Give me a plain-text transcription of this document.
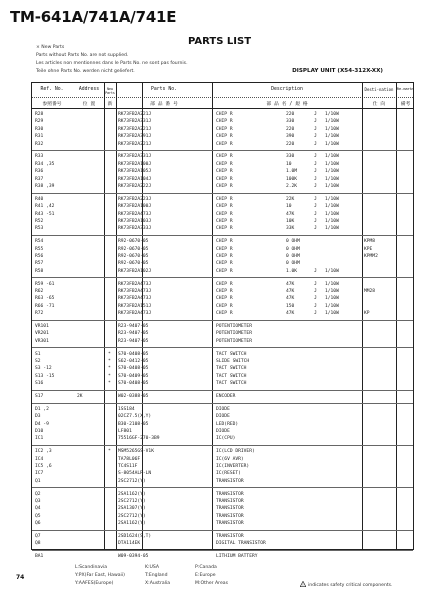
TM-641A/741A/741E
PARTS LIST
× New Parts
Parts without Parts No. are not supplied.
Les articles non mentionnes dans le Parts No. ne sont pas fournis.
Teile ohne Parts No. werden nicht geliefert.	DISPLAY UNIT (X54-312X-XX)
Ref. No.	Address	New Parts
Parts No.	Description	Desti-nation Re-marks
参照番号	位 置	新	部 品 番 号	部 品 名 / 規 格	仕 向	備考
R28	RK73FB2A221J	CHIP R	220	J 1/10W
R29	RK73FB2A331J	CHIP R	330	J 1/10W
R30	RK73FB2A221J	CHIP R	220	J 1/10W
R31	RK73FB2A391J	CHIP R	390	J 1/10W
R32	RK73FB2A221J	CHIP R	220	J 1/10W
R33	RK73FB2A331J	CHIP R	330	J 1/10W
R34 ,35	RK73FB2A100J	CHIP R	10	J 1/10W
R36	RK73FB2A105J	CHIP R	1.0M	J 1/10W
R37	RK73FB2A104J	CHIP R	100K	J 1/10W
R38 ,39	RK73FB2A222J	CHIP R	2.2K	J 1/10W
R40	RK73FB2A223J	CHIP R	22K	J 1/10W
R41 ,42	RK73FB2A100J	CHIP R	10	J 1/10W
R43 -51	RK73FB2A473J	CHIP R	47K	J 1/10W
R52	RK73FB2A103J	CHIP R	10K	J 1/10W
R53	RK73FB2A333J	CHIP R	33K	J 1/10W
R54	R92-0670-05	CHIP R	0 OHM	KPM8
R55	R92-0670-05	CHIP R	0 OHM	KPE
R56	R92-0670-05	CHIP R	0 OHM	KPMM2
R57	R92-0670-05	CHIP R	0 OHM
R58	RK73FB2A102J	CHIP R	1.0K	J 1/10W
R59 -61	RK73FB2A473J	CHIP R	47K	J 1/10W
R62	RK73FB2A473J	CHIP R	47K	J 1/10W	MM28
R63 -65	RK73FB2A473J	CHIP R	47K	J 1/10W
R66 -71	RK73FB2A151J	CHIP R	150	J 1/10W
R72	RK73FB2A473J	CHIP R	47K	J 1/10W	KP
VR101	R23-9407-05	POTENTIOMETER
VR201	R23-9407-05	POTENTIOMETER
VR301	R23-9407-05	POTENTIOMETER
S1	* S70-0408-05	TACT SWITCH
S2	* S62-0412-05	SLIDE SWITCH
S3 -12	* S70-0408-05	TACT SWITCH
S13 -15	* S70-0409-05	TACT SWITCH
S16	* S70-0408-05	TACT SWITCH
S17	2K	W02-0388-05	ENCODER
D1 ,2	1SS184	DIODE
D3	02CZ7.5(X,Y)	DIODE
D4 -9	B30-2108-05	LED(RED)
D10	LF801	DIODE
IC1	75516GF-270-3B9	IC(CPU)
IC2 ,3	* MSM5265GS-V1K	IC(LCD DRIVER)
IC4	TA78L06F	IC(6V AVR)
IC5 ,6	TC4S11F	IC(INVERTER)
IC7	S-8054ALR-LN	IC(RESET)
Q1	2SC2712(Y)	TRANSISTOR
Q2	2SA1162(Y)	TRANSISTOR
Q3	2SC2712(Y)	TRANSISTOR
Q4	2SA1307(Y)	TRANSISTOR
Q5	2SC2712(Y)	TRANSISTOR
Q6	2SA1162(Y)	TRANSISTOR
Q7	2SD1624(S,T)	TRANSISTOR
Q8	DTA114EK	DIGITAL TRANSISTOR
BA1	W09-0394-05	LITHIUM BATTERY
74
L:Scandinavia
Y:PX(Far East, Hawaii)
Y:AAFES(Europe)
K:USA
T:England
X:Australia
P:Canada
E:Europe
M:Other Areas	! indicates safety critical components.
